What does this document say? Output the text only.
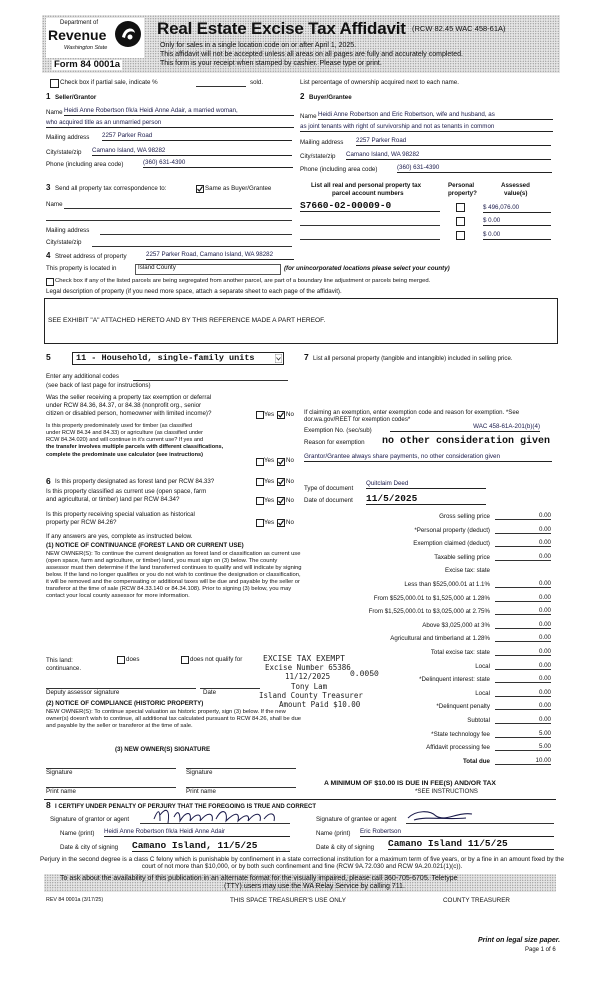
Department of
Revenue
Washington State
Form 84 0001a
Real Estate Excise Tax Affidavit (RCW 82.45 WAC 458-61A)
Only for sales in a single location code on or after April 1, 2025.
This affidavit will not be accepted unless all areas on all pages are fully and accurately completed.
This form is your receipt when stamped by cashier. Please type or print.
Check box if partial sale, indicate %	sold.	List percentage of ownership acquired next to each name.
1 Seller/Grantor
Name Heidi Anne Robertson f/k/a Heidi Anne Adair, a married woman,
who acquired title as an unmarried person
Mailing address 2257 Parker Road
City/state/zip Camano Island, WA 98282
Phone (including area code)	(360) 631-4390
2 Buyer/Grantee
Name Heidi Anne Robertson and Eric Robertson, wife and husband, as
as joint tenants with right of survivorship and not as tenants in common
Mailing address 2257 Parker Road
City/state/zip Camano Island, WA 98282
Phone (including area code)	(360) 631-4390
3 Send all property tax correspondence to:	Same as Buyer/Grantee
Name
Mailing address
City/state/zip
List all real and personal property tax
parcel account numbers
Personal
property?
Assessed
value(s)
S7660-02-00009-0	$ 496,076.00
$ 0.00
$ 0.00
4 Street address of property	2257 Parker Road, Camano Island, WA 98282
This property is located in	Island County	(for unincorporated locations please select your county)
Check box if any of the listed parcels are being segregated from another parcel, are part of a boundary line adjustment or parcels being merged.
Legal description of property (if you need more space, attach a separate sheet to each page of the affidavit).
SEE EXHIBIT "A" ATTACHED HERETO AND BY THIS REFERENCE MADE A PART HEREOF.
5	11 - Household, single-family units
Enter any additional codes
(see back of last page for instructions)
Was the seller receiving a property tax exemption or deferral
under RCW 84.36, 84.37, or 84.38 (nonprofit org., senior
citizen or disabled person, homeowner with limited income)?	Yes No
Is this property predominately used for timber (as classified
under RCW 84.34 and 84.33) or agriculture (as classified under
RCW 84.34.020) and will continue in it's current use? If yes and
the transfer involves multiple parcels with different classifications,
complete the predominate use calculator (see instructions)
Yes No
6 Is this property designated as forest land per RCW 84.33?	Yes No
Is this property classified as current use (open space, farm
and agricultural, or timber) land per RCW 84.34?	Yes No
Is this property receiving special valuation as historical
property per RCW 84.26?	Yes No
If any answers are yes, complete as instructed below.
(1) NOTICE OF CONTINUANCE (FOREST LAND OR CURRENT USE)
NEW OWNER(S): To continue the current designation as forest land or classification as current use (open space, farm and agriculture, or timber) land, you must sign on (3) below. The county assessor must then determine if the land transferred continues to qualify and will indicate by signing below. If the land no longer qualifies or you do not wish to continue the designation or classification, it will be removed and the compensating or additional taxes will be due and payable by the seller or transferor at the time of sale (RCW 84.33.140 or 84.34.108). Prior to signing (3) below, you may contact your local county assessor for more information.
This land:	does	does not qualify for
continuance.
Deputy assessor signature	Date
(2) NOTICE OF COMPLIANCE (HISTORIC PROPERTY)
NEW OWNER(S): To continue special valuation as historic property, sign (3) below. If the new owner(s) doesn't wish to continue, all additional tax calculated pursuant to RCW 84.26, shall be due and payable by the seller or transferor at the time of sale.
(3) NEW OWNER(S) SIGNATURE
Signature	Signature
Print name	Print name
7 List all personal property (tangible and intangible) included in selling price.
If claiming an exemption, enter exemption code and reason for exemption. *See dor.wa.gov/REET for exemption codes*
Exemption No. (sec/sub)
WAC 458-61A-201(b)(4)
Reason for exemption no other consideration given
Grantor/Grantee always share payments, no other consideration given
Type of document
Quitclaim Deed
Date of document 11/5/2025
Gross selling price	0.00
*Personal property (deduct)	0.00
Exemption claimed (deduct)	0.00
Taxable selling price	0.00
Excise tax: state
Less than $525,000.01 at 1.1%	0.00
From $525,000.01 to $1,525,000 at 1.28%	0.00
From $1,525,000.01 to $3,025,000 at 2.75%	0.00
Above $3,025,000 at 3%	0.00
Agricultural and timberland at 1.28%	0.00
Total excise tax: state	0.00
Local	0.00
*Delinquent interest: state	0.00
Local	0.00
*Delinquent penalty	0.00
Subtotal	0.00
*State technology fee	5.00
Affidavit processing fee	5.00
Total due	10.00
0.0050
A MINIMUM OF $10.00 IS DUE IN FEE(S) AND/OR TAX
*SEE INSTRUCTIONS
EXCISE TAX EXEMPT
Excise Number 65386
11/12/2025
Tony Lam
Island County Treasurer
Amount Paid $10.00
8 I CERTIFY UNDER PENALTY OF PERJURY THAT THE FOREGOING IS TRUE AND CORRECT
Signature of grantor or agent	Signature of grantee or agent
Name (print) Heidi Anne Robertson f/k/a Heidi Anne Adair	Name (print) Eric Robertson
Date & city of signing Camano Island, 11/5/25	Date & city of signing Camano Island 11/5/25
Perjury in the second degree is a class C felony which is punishable by confinement in a state correctional institution for a maximum term of five years, or by a fine in an amount fixed by the court of not more than $10,000, or by both such confinement and fine (RCW 9A.72.030 and RCW 9A.20.021(1)(c)).
To ask about the availability of this publication in an alternate format for the visually impaired, please call 360-705-6705. Teletype
(TTY) users may use the WA Relay Service by calling 711.
REV 84 0001a (3/17/25)	THIS SPACE TREASURER'S USE ONLY	COUNTY TREASURER
Print on legal size paper.
Page 1 of 6
